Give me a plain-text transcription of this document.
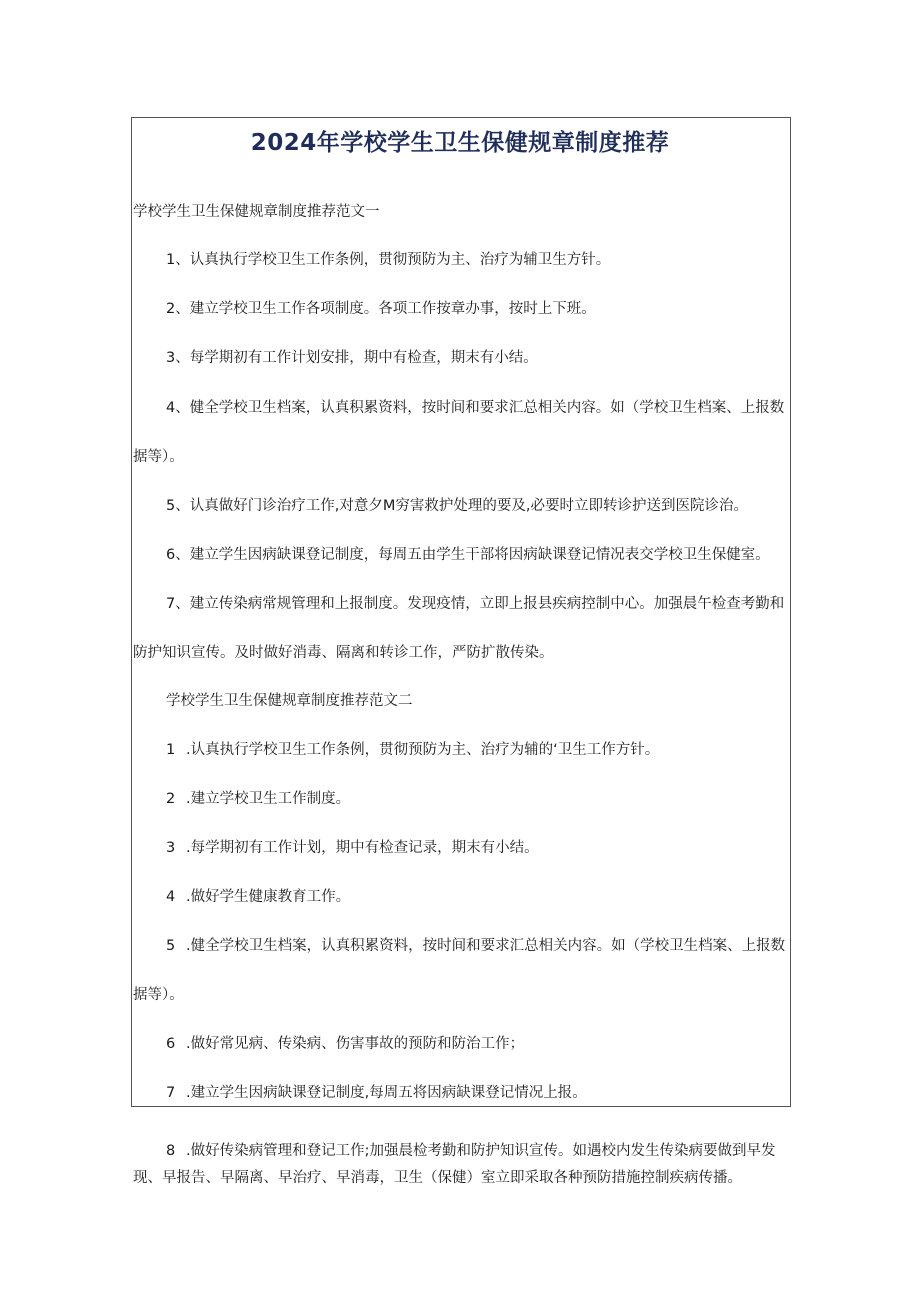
2024年学校学生卫生保健规章制度推荐
学校学生卫生保健规章制度推荐范文一
1、认真执行学校卫生工作条例，贯彻预防为主、治疗为辅卫生方针。
2、建立学校卫生工作各项制度。各项工作按章办事，按时上下班。
3、每学期初有工作计划安排，期中有检查，期末有小结。
4、健全学校卫生档案，认真积累资料，按时间和要求汇总相关内容。如（学校卫生档案、上报数
据等）。
5、认真做好门诊治疗工作,对意夕M穷害救护处理的要及,必要时立即转诊护送到医院诊治。
6、建立学生因病缺课登记制度，每周五由学生干部将因病缺课登记情况表交学校卫生保健室。
7、建立传染病常规管理和上报制度。发现疫情，立即上报县疾病控制中心。加强晨午检查考勤和
防护知识宣传。及时做好消毒、隔离和转诊工作，严防扩散传染。
学校学生卫生保健规章制度推荐范文二
1 .认真执行学校卫生工作条例，贯彻预防为主、治疗为辅的‘卫生工作方针。
2 .建立学校卫生工作制度。
3 .每学期初有工作计划，期中有检查记录，期末有小结。
4 .做好学生健康教育工作。
5 .健全学校卫生档案，认真积累资料，按时间和要求汇总相关内容。如（学校卫生档案、上报数
据等）。
6 .做好常见病、传染病、伤害事故的预防和防治工作；
7 .建立学生因病缺课登记制度,每周五将因病缺课登记情况上报。
8 .做好传染病管理和登记工作;加强晨检考勤和防护知识宣传。如遇校内发生传染病要做到早发
现、早报告、早隔离、早治疗、早消毒，卫生（保健）室立即采取各种预防措施控制疾病传播。
